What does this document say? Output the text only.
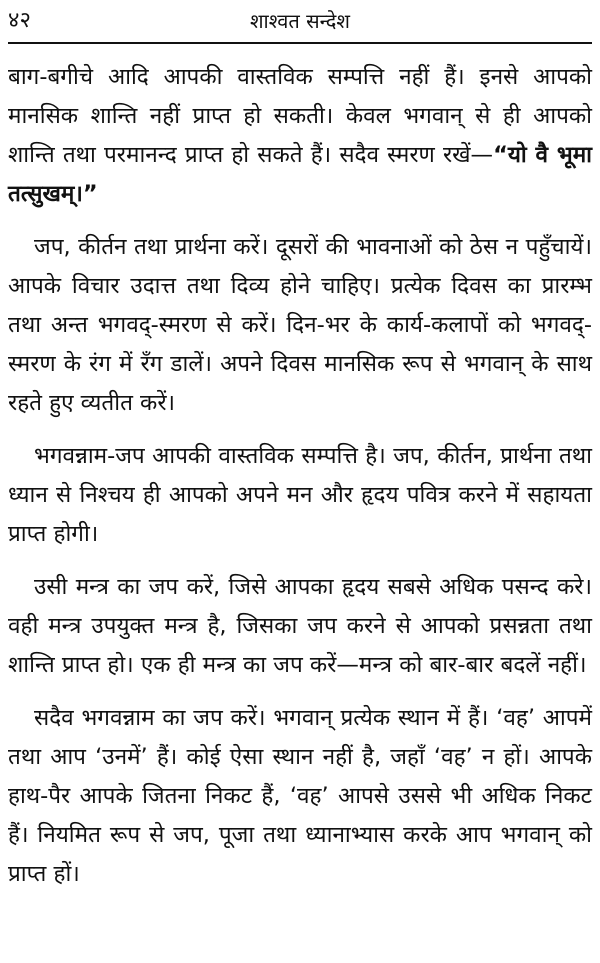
४२	शाश्वत सन्देश

बाग-बगीचे आदि आपकी वास्तविक सम्पत्ति नहीं हैं। इनसे आपको मानसिक शान्ति नहीं प्राप्त हो सकती। केवल भगवान् से ही आपको शान्ति तथा परमानन्द प्राप्त हो सकते हैं। सदैव स्मरण रखें—“यो वै भूमा तत्सुखम्।”

जप, कीर्तन तथा प्रार्थना करें। दूसरों की भावनाओं को ठेस न पहुँचायें। आपके विचार उदात्त तथा दिव्य होने चाहिए। प्रत्येक दिवस का प्रारम्भ तथा अन्त भगवद्-स्मरण से करें। दिन-भर के कार्य-कलापों को भगवद्-स्मरण के रंग में रँग डालें। अपने दिवस मानसिक रूप से भगवान् के साथ रहते हुए व्यतीत करें।

भगवन्नाम-जप आपकी वास्तविक सम्पत्ति है। जप, कीर्तन, प्रार्थना तथा ध्यान से निश्चय ही आपको अपने मन और हृदय पवित्र करने में सहायता प्राप्त होगी।

उसी मन्त्र का जप करें, जिसे आपका हृदय सबसे अधिक पसन्द करे। वही मन्त्र उपयुक्त मन्त्र है, जिसका जप करने से आपको प्रसन्नता तथा शान्ति प्राप्त हो। एक ही मन्त्र का जप करें—मन्त्र को बार-बार बदलें नहीं।

सदैव भगवन्नाम का जप करें। भगवान् प्रत्येक स्थान में हैं। ‘वह’ आपमें तथा आप ‘उनमें’ हैं। कोई ऐसा स्थान नहीं है, जहाँ ‘वह’ न हों। आपके हाथ-पैर आपके जितना निकट हैं, ‘वह’ आपसे उससे भी अधिक निकट हैं। नियमित रूप से जप, पूजा तथा ध्यानाभ्यास करके आप भगवान् को प्राप्त हों।
